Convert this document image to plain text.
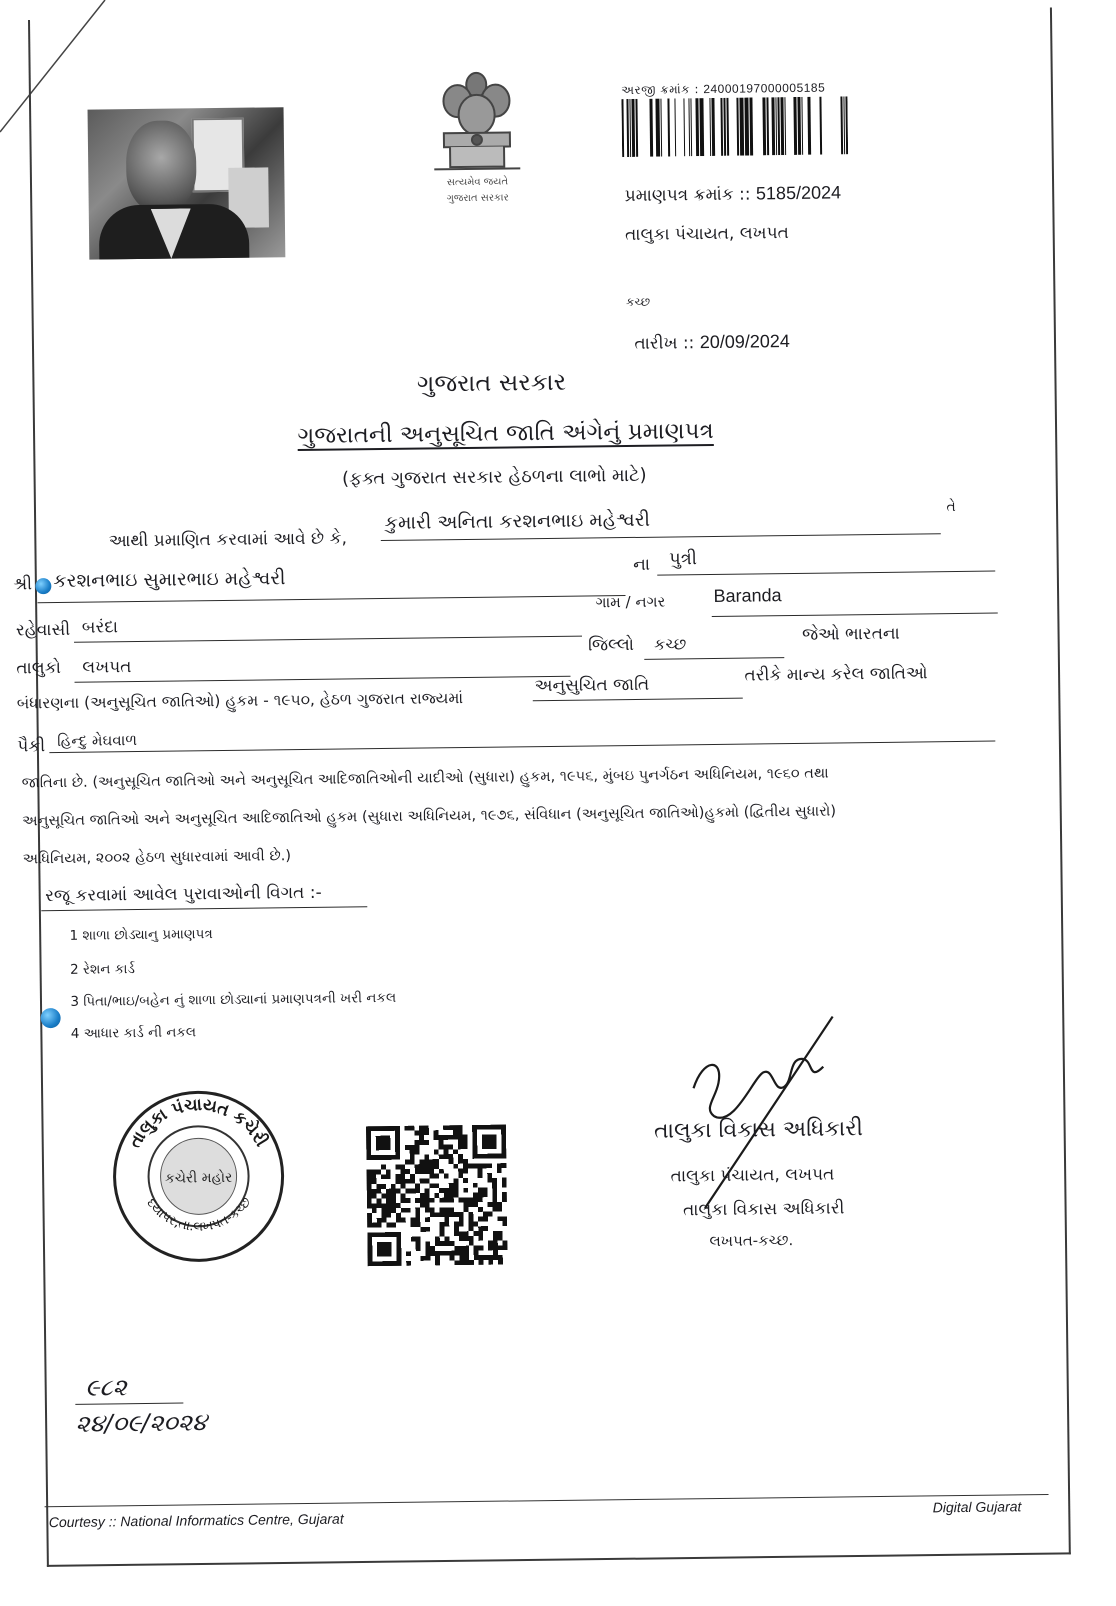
સત્યમેવ જયતે
ગુજરાત સરકાર
અરજી ક્રમાંક : 24000197000005185
પ્રમાણપત્ર ક્રમાંક :: 5185/2024
તાલુકા પંચાયત, લખપત
કચ્છ
તારીખ :: 20/09/2024
ગુજરાત સરકાર
ગુજરાતની અનુસૂચિત જાતિ અંગેનું પ્રમાણપત્ર
(ફક્ત ગુજરાત સરકાર હેઠળના લાભો માટે)
આથી પ્રમાણિત કરવામાં આવે છે કે,
કુમારી અનિતા કરશનભાઇ મહેશ્વરી
તે
શ્રી કરશનભાઇ સુમારભાઇ મહેશ્વરી
ના પુત્રી
ગામ / નગર	Baranda
રહેવાસી બરંદા
જિલ્લો કચ્છ	જેઓ ભારતના
તાલુકો લખપત
બંધારણના (અનુસૂચિત જાતિઓ) હુકમ - ૧૯૫૦, હેઠળ ગુજરાત રાજ્યમાં
અનુસુચિત જાતિ	તરીકે માન્ય કરેલ જાતિઓ
પૈકી હિન્દુ મેઘવાળ
જાતિના છે. (અનુસૂચિત જાતિઓ અને અનુસૂચિત આદિજાતિઓની યાદીઓ (સુધારા) હુકમ, ૧૯૫૬, મુંબઇ પુનર્ગઠન અધિનિયમ, ૧૯૬૦ તથા
અનુસૂચિત જાતિઓ અને અનુસૂચિત આદિજાતિઓ હુકમ (સુધારા અધિનિયમ, ૧૯૭૬, સંવિધાન (અનુસૂચિત જાતિઓ)હુકમો (દ્વિતીય સુધારો)
અધિનિયમ, ૨૦૦૨ હેઠળ સુધારવામાં આવી છે.)
રજૂ કરવામાં આવેલ પુરાવાઓની વિગત :-
1 શાળા છોડ્યાનુ પ્રમાણપત્ર
2 રેશન કાર્ડ
3 પિતા/ભાઇ/બહેન નું શાળા છોડ્યાનાં પ્રમાણપત્રની ખરી નકલ
4 આધાર કાર્ડ ની નકલ
તાલુકા પંચાયત કચેરી
દયાપર,તા.લખપત-કચ્છ
કચેરી મહોર
તાલુકા વિકાસ અધિકારી
તાલુકા પંચાયત, લખપત
તાલુકા વિકાસ અધિકારી
લખપત-કચ્છ.
૯૮૨
૨૪/૦૯/૨૦૨૪
Courtesy :: National Informatics Centre, Gujarat
Digital Gujarat
